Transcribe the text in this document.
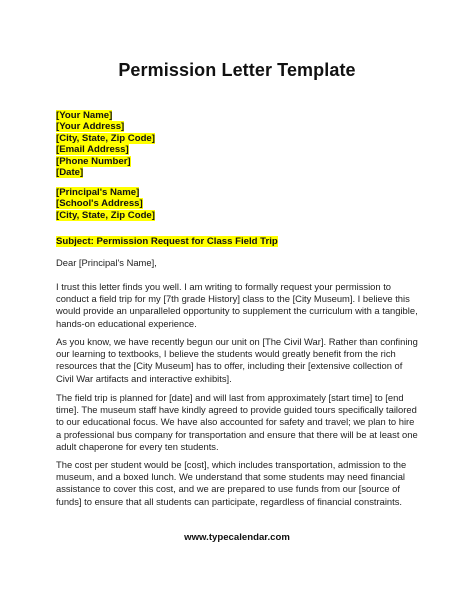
Permission Letter Template
[Your Name]
[Your Address]
[City, State, Zip Code]
[Email Address]
[Phone Number]
[Date]
[Principal's Name]
[School's Address]
[City, State, Zip Code]
Subject: Permission Request for Class Field Trip

Dear [Principal's Name],

I trust this letter finds you well. I am writing to formally request your permission to conduct a field trip for my [7th grade History] class to the [City Museum]. I believe this would provide an unparalleled opportunity to supplement the curriculum with a tangible, hands-on educational experience.

As you know, we have recently begun our unit on [The Civil War]. Rather than confining our learning to textbooks, I believe the students would greatly benefit from the rich resources that the [City Museum] has to offer, including their [extensive collection of Civil War artifacts and interactive exhibits].

The field trip is planned for [date] and will last from approximately [start time] to [end time]. The museum staff have kindly agreed to provide guided tours specifically tailored to our educational focus. We have also accounted for safety and travel; we plan to hire a professional bus company for transportation and ensure that there will be at least one adult chaperone for every ten students.

The cost per student would be [cost], which includes transportation, admission to the museum, and a boxed lunch. We understand that some students may need financial assistance to cover this cost, and we are prepared to use funds from our [source of funds] to ensure that all students can participate, regardless of financial constraints.

www.typecalendar.com
